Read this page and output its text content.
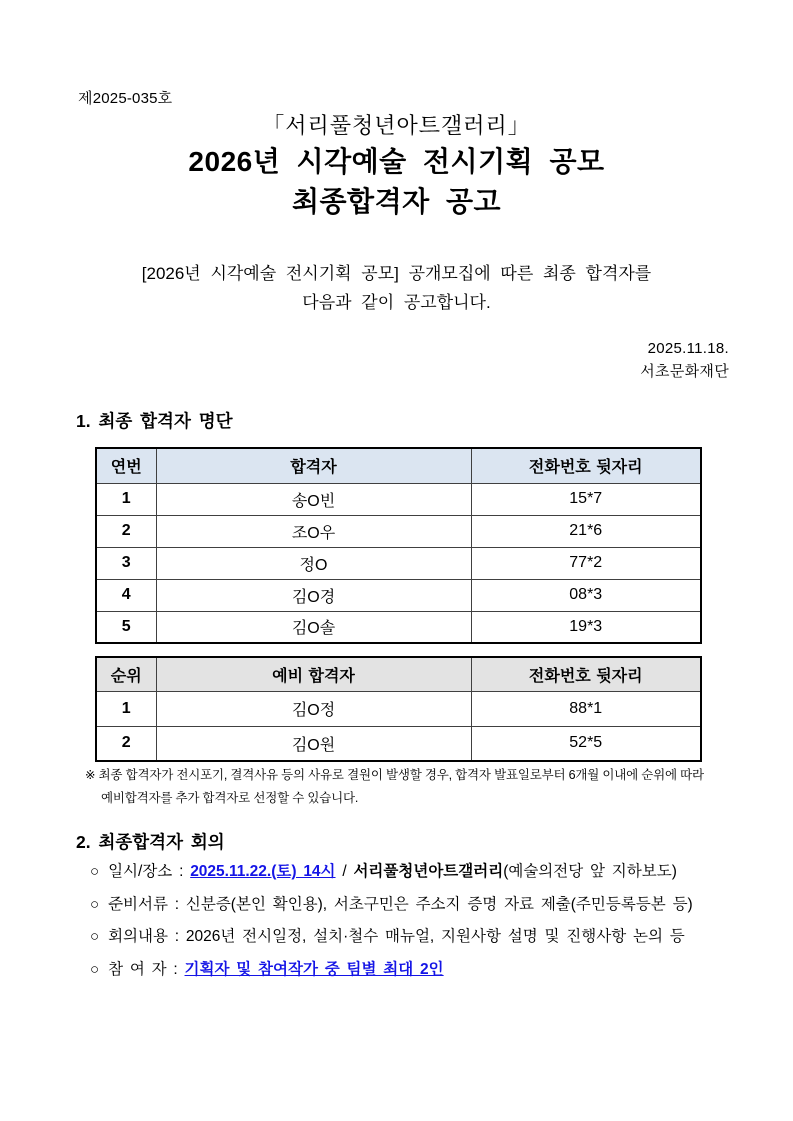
제2025-035호
「서리풀청년아트갤러리」
2026년 시각예술 전시기획 공모
최종합격자 공고
[2026년 시각예술 전시기획 공모] 공개모집에 따른 최종 합격자를
다음과 같이 공고합니다.
2025.11.18.
서초문화재단
1. 최종 합격자 명단
연번	합격자	전화번호 뒷자리
1	송O빈	15*7
2	조O우	21*6
3	정O	77*2
4	김O경	08*3
5	김O솔	19*3
순위	예비 합격자	전화번호 뒷자리
1	김O정	88*1
2	김O원	52*5
※ 최종 합격자가 전시포기, 결격사유 등의 사유로 결원이 발생할 경우, 합격자 발표일로부터 6개월 이내에 순위에 따라
예비합격자를 추가 합격자로 선정할 수 있습니다.
2. 최종합격자 회의
○ 일시/장소 : 2025.11.22.(토) 14시 / 서리풀청년아트갤러리(예술의전당 앞 지하보도)
○ 준비서류 : 신분증(본인 확인용), 서초구민은 주소지 증명 자료 제출(주민등록등본 등)
○ 회의내용 : 2026년 전시일정, 설치·철수 매뉴얼, 지원사항 설명 및 진행사항 논의 등
○ 참 여 자 : 기획자 및 참여작가 중 팀별 최대 2인
